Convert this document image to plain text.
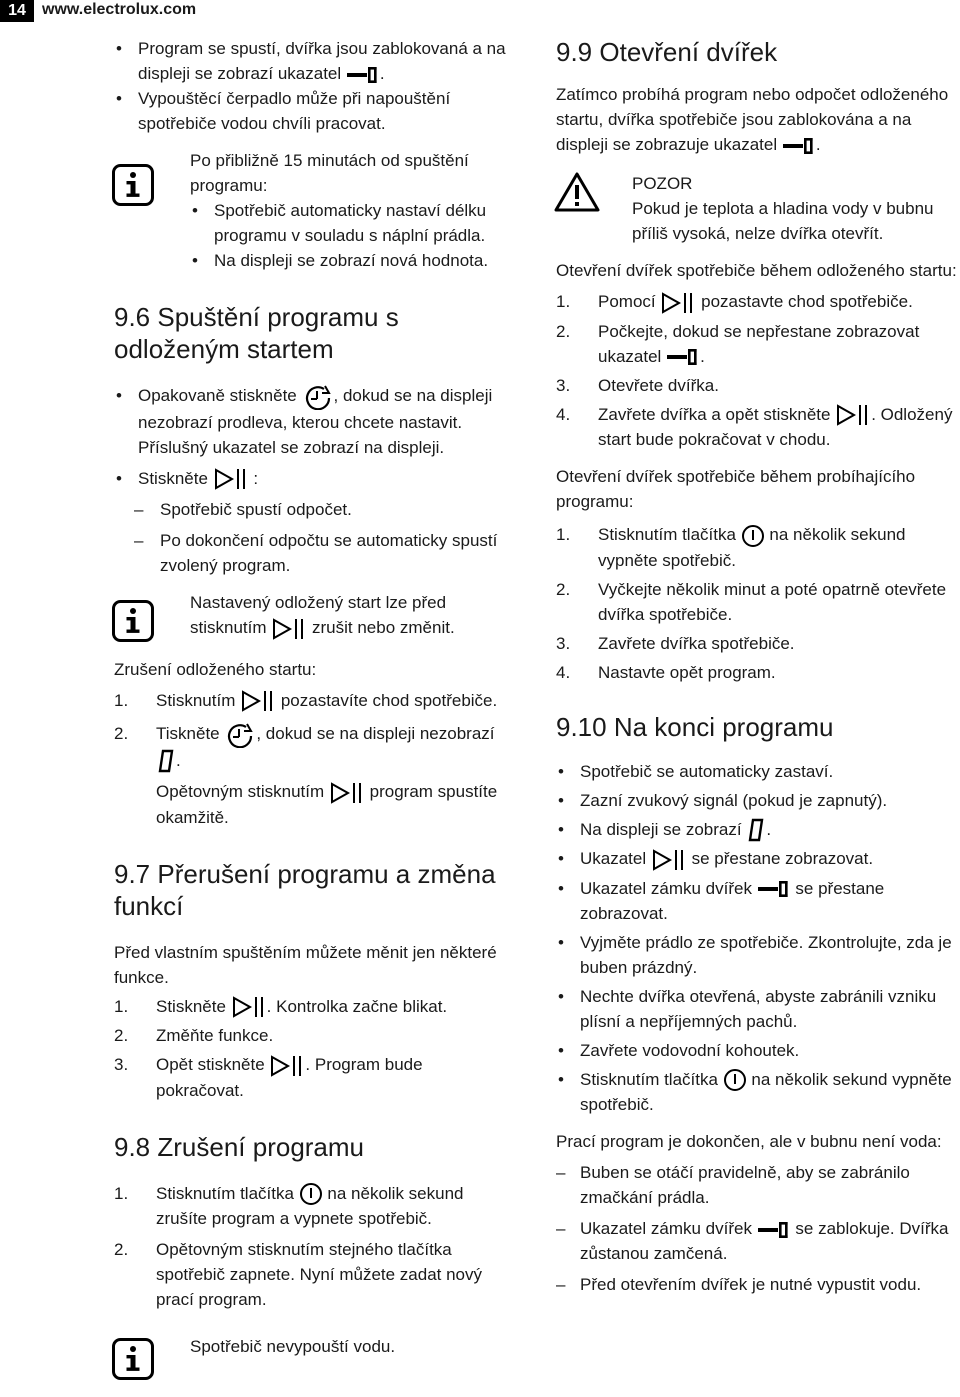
14	www.electrolux.com

• Program se spustí, dvířka jsou zablokovaná a na displeji se zobrazí ukazatel .

• Vypouštěcí čerpadlo může při napouštění spotřebiče vodou chvíli pracovat.

Po přibližně 15 minutách od spuštění programu:

• Spotřebič automaticky nastaví délku programu v souladu s náplní prádla.

• Na displeji se zobrazí nová hodnota.

9.6 Spuštění programu s odloženým startem

• Opakovaně stiskněte , dokud se na displeji nezobrazí prodleva, kterou chcete nastavit. Příslušný ukazatel se zobrazí na displeji.

• Stiskněte	:

– Spotřebič spustí odpočet.

– Po dokončení odpočtu se automaticky spustí zvolený program.

Nastavený odložený start lze před stisknutím	zrušit nebo změnit.

Zrušení odloženého startu:

1. Stisknutím	pozastavíte chod spotřebiče.

2. Tiskněte , dokud se na displeji nezobrazí
.

Opětovným stisknutím	program spustíte okamžitě.

9.7 Přerušení programu a změna funkcí

Před vlastním spuštěním můžete měnit jen některé funkce.

1. Stiskněte . Kontrolka začne blikat.

2. Změňte funkce.

3. Opět stiskněte . Program bude pokračovat.

9.8 Zrušení programu

1. Stisknutím tlačítka na několik sekund zrušíte program a vypnete spotřebič.

2. Opětovným stisknutím stejného tlačítka spotřebič zapnete. Nyní můžete zadat nový prací program.

Spotřebič nevypouští vodu.

9.9 Otevření dvířek

Zatímco probíhá program nebo odpočet odloženého startu, dvířka spotřebiče jsou zablokována a na displeji se zobrazuje ukazatel .

POZOR

Pokud je teplota a hladina vody v bubnu příliš vysoká, nelze dvířka otevřít.

Otevření dvířek spotřebiče během odloženého startu:

1. Pomocí	pozastavte chod spotřebiče.

2. Počkejte, dokud se nepřestane zobrazovat ukazatel .

3. Otevřete dvířka.

4. Zavřete dvířka a opět stiskněte . Odložený start bude pokračovat v chodu.

Otevření dvířek spotřebiče během probíhajícího programu:

1. Stisknutím tlačítka na několik sekund vypněte spotřebič.

2. Vyčkejte několik minut a poté opatrně otevřete dvířka spotřebiče.

3. Zavřete dvířka spotřebiče.

4. Nastavte opět program.

9.10 Na konci programu

• Spotřebič se automaticky zastaví.

• Zazní zvukový signál (pokud je zapnutý).

• Na displeji se zobrazí .

• Ukazatel	se přestane zobrazovat.

• Ukazatel zámku dvířek	se přestane zobrazovat.

• Vyjměte prádlo ze spotřebiče. Zkontrolujte, zda je buben prázdný.

• Nechte dvířka otevřená, abyste zabránili vzniku plísní a nepříjemných pachů.

• Zavřete vodovodní kohoutek.

• Stisknutím tlačítka na několik sekund vypněte spotřebič.

Prací program je dokončen, ale v bubnu není voda:

– Buben se otáčí pravidelně, aby se zabránilo zmačkání prádla.

– Ukazatel zámku dvířek	se zablokuje. Dvířka zůstanou zamčená.

– Před otevřením dvířek je nutné vypustit vodu.
